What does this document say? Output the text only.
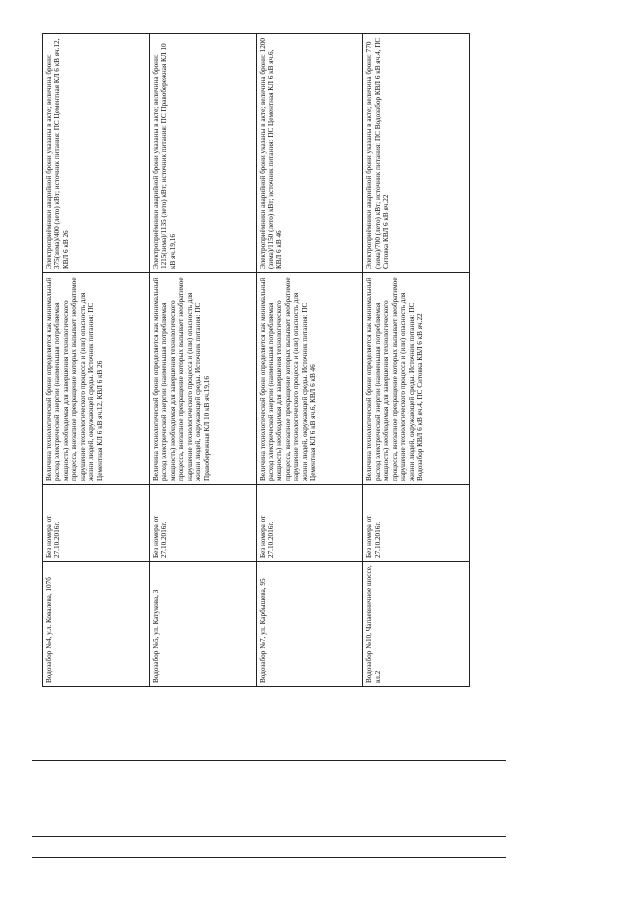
Водозабор №4, у.л. Ковалева, 107б	Без номера от 27.10.2016г.	Величина технологической брони определяется как минимальный расход электрической энергии (наименьшая потребляемая мощность) необходимая для завершения технологического процесса, внезапное прекращение которых вызывает необратимое нарушение технологического процесса и (или) опасность для жизни людей, окружающей среды. Источник питания: ПС Цементная КЛ 6 кВ яч.12, КВЛ 6 кВ 26	Электроприёмники аварийной брони указаны в акте; величина брони: 375(зима)/400 (лето) кВт; источник питания: ПС Цементная КЛ 6 кВ яч.12, КВЛ 6 кВ 26
Водозабор №5, ул. Катукова, 3	Без номера от 27.10.2016г.	Величина технологической брони определяется как минимальный расход электрической энергии (наименьшая потребляемая мощность) необходимая для завершения технологического процесса, внезапное прекращение которых вызывает необратимое нарушение технологического процесса и (или) опасность для жизни людей, окружающей среды. Источник питания: ПС Правобережная КЛ 10 кВ яч.19,16	Электроприёмники аварийной брони указаны в акте; величина брони: 1215(зима)/1135 (лето) кВт; источник питания: ПС Правобережная КЛ 10 кВ яч.19,16
Водозабор №7, ул. Карбышева, 95	Без номера от 27.10.2016г.	Величина технологической брони определяется как минимальный расход электрической энергии (наименьшая потребляемая мощность) необходимая для завершения технологического процесса, внезапное прекращение которых вызывает необратимое нарушение технологического процесса и (или) опасность для жизни людей, окружающей среды. Источник питания: ПС Цементная КЛ 6 кВ яч.6, КВЛ 6 кВ 46	Электроприёмники аварийной брони указаны в акте; величина брони: 1200 (зима)/1150 (лето) кВт; источник питания: ПС Цементная КЛ 6 кВ яч.6, КВЛ 6 кВ 46
Водозабор №10, Чапаевничное шоссе, вл.2	Без номера от 27.10.2016г.	Величина технологической брони определяется как минимальный расход электрической энергии (наименьшая потребляемая мощность) необходимая для завершения технологического процесса, внезапное прекращение которых вызывает необратимое нарушение технологического процесса и (или) опасность для жизни людей, окружающей среды. Источник питания: ПС Водозабор КВЛ 6 кВ яч.4, ПС Ситовка КВЛ 6 кВ яч.22	Электроприёмники аварийной брони указаны в акте; величина брони: 770 (зима)/700 (лето) кВт; источник питания: ПС Водозабор КВЛ 6 кВ яч.4, ПС Ситовка КВЛ 6 кВ яч.22
